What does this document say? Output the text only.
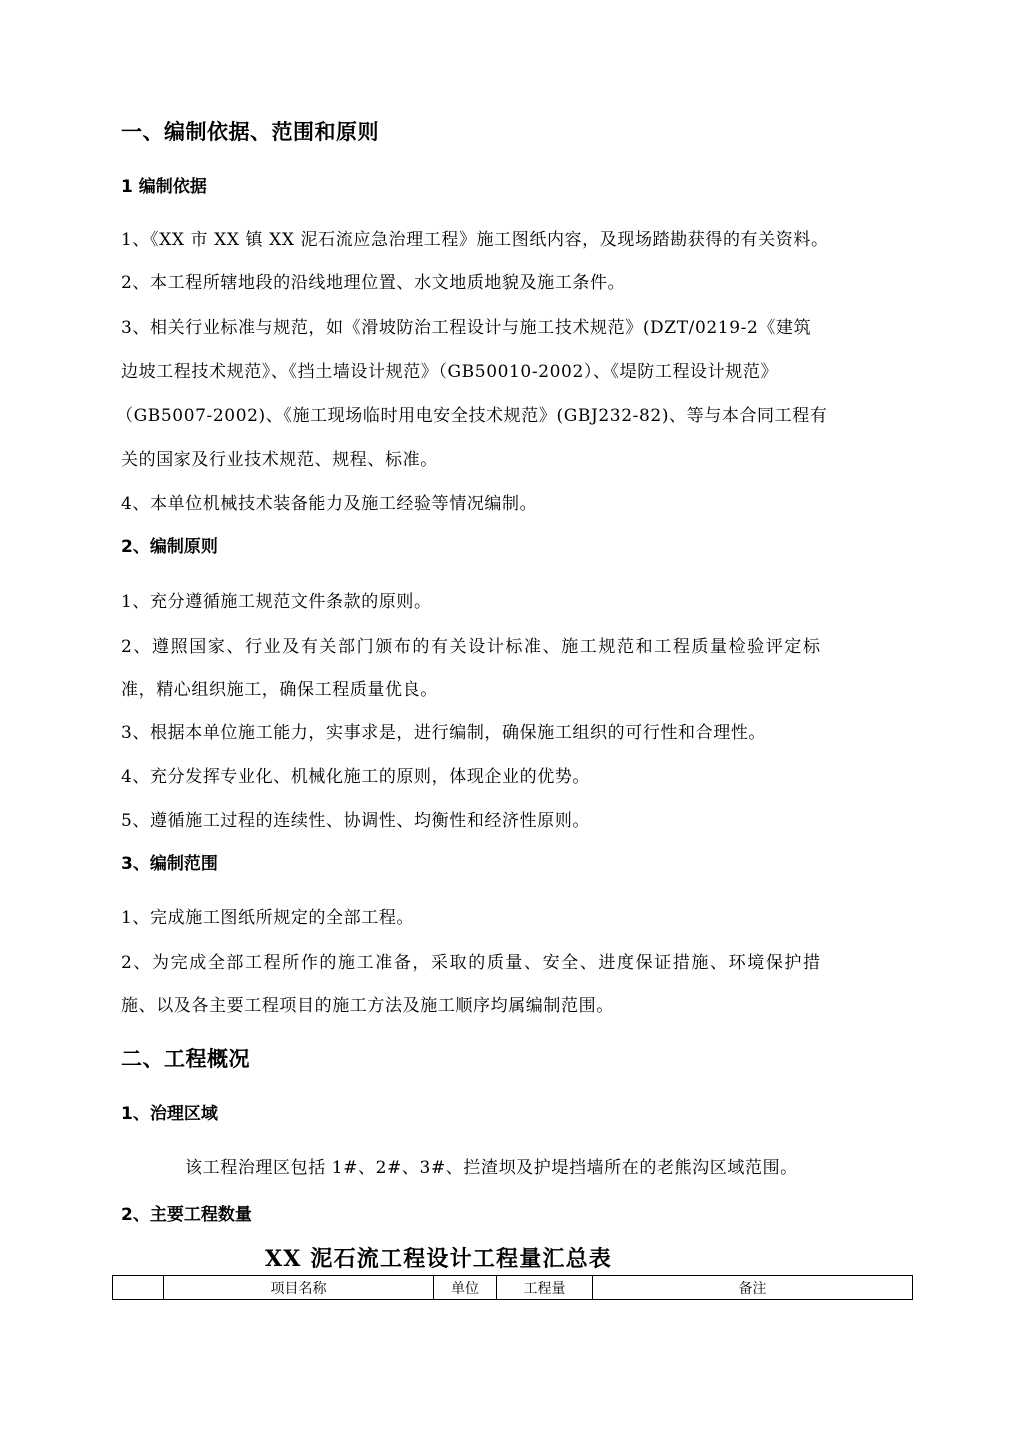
一、编制依据、范围和原则
1 编制依据
1、《XX 市 XX 镇 XX 泥石流应急治理工程》施工图纸内容，及现场踏勘获得的有关资料。
2、本工程所辖地段的沿线地理位置、水文地质地貌及施工条件。
3、相关行业标准与规范，如《滑坡防治工程设计与施工技术规范》(DZT/0219-2《建筑
边坡工程技术规范》、《挡土墙设计规范》（GB50010-2002）、《堤防工程设计规范》
（GB5007-2002)、《施工现场临时用电安全技术规范》(GBJ232-82)、等与本合同工程有
关的国家及行业技术规范、规程、标准。
4、本单位机械技术装备能力及施工经验等情况编制。
2、编制原则
1、充分遵循施工规范文件条款的原则。
2、遵照国家、行业及有关部门颁布的有关设计标准、施工规范和工程质量检验评定标
准，精心组织施工，确保工程质量优良。
3、根据本单位施工能力，实事求是，进行编制，确保施工组织的可行性和合理性。
4、充分发挥专业化、机械化施工的原则，体现企业的优势。
5、遵循施工过程的连续性、协调性、均衡性和经济性原则。
3、编制范围
1、完成施工图纸所规定的全部工程。
2、为完成全部工程所作的施工准备，采取的质量、安全、进度保证措施、环境保护措
施、以及各主要工程项目的施工方法及施工顺序均属编制范围。
二、工程概况
1、治理区域
该工程治理区包括 1#、2#、3#、拦渣坝及护堤挡墙所在的老熊沟区域范围。
2、主要工程数量
XX 泥石流工程设计工程量汇总表
	项目名称	单位	工程量	备注
